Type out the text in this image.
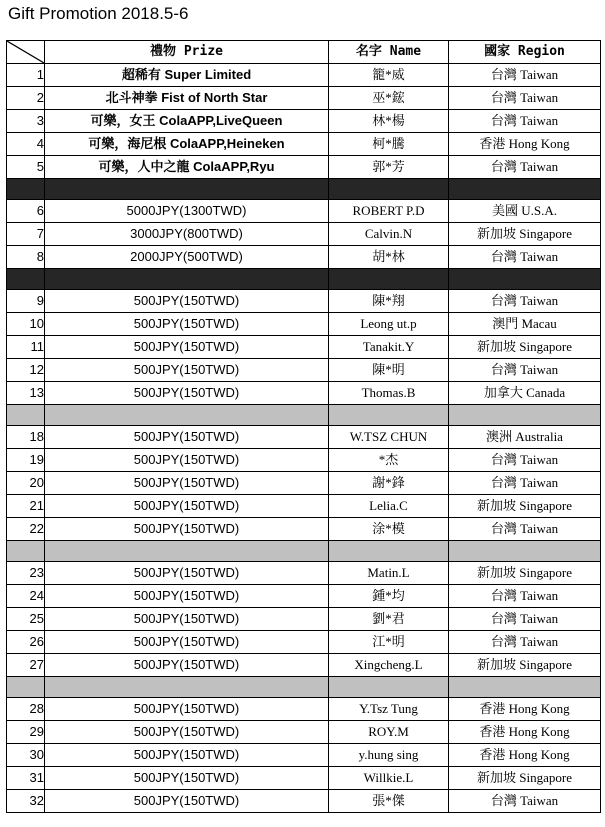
Gift Promotion 2018.5-6
	禮物 Prize	名字 Name	國家 Region
1	超稀有 Super Limited	籠*威	台灣 Taiwan
2	北斗神拳 Fist of North Star	巫*鋐	台灣 Taiwan
3	可樂，女王 ColaAPP,LiveQueen	林*楊	台灣 Taiwan
4	可樂，海尼根 ColaAPP,Heineken	柯*騰	香港 Hong Kong
5	可樂，人中之龍 ColaAPP,Ryu	郭*芳	台灣 Taiwan

6	5000JPY(1300TWD)	ROBERT P.D	美國 U.S.A.
7	3000JPY(800TWD)	Calvin.N	新加坡 Singapore
8	2000JPY(500TWD)	胡*林	台灣 Taiwan

9	500JPY(150TWD)	陳*翔	台灣 Taiwan
10	500JPY(150TWD)	Leong ut.p	澳門 Macau
11	500JPY(150TWD)	Tanakit.Y	新加坡 Singapore
12	500JPY(150TWD)	陳*明	台灣 Taiwan
13	500JPY(150TWD)	Thomas.B	加拿大 Canada

18	500JPY(150TWD)	W.TSZ CHUN	澳洲 Australia
19	500JPY(150TWD)	*杰	台灣 Taiwan
20	500JPY(150TWD)	謝*鋒	台灣 Taiwan
21	500JPY(150TWD)	Lelia.C	新加坡 Singapore
22	500JPY(150TWD)	涂*模	台灣 Taiwan

23	500JPY(150TWD)	Matin.L	新加坡 Singapore
24	500JPY(150TWD)	鍾*均	台灣 Taiwan
25	500JPY(150TWD)	劉*君	台灣 Taiwan
26	500JPY(150TWD)	江*明	台灣 Taiwan
27	500JPY(150TWD)	Xingcheng.L	新加坡 Singapore

28	500JPY(150TWD)	Y.Tsz Tung	香港 Hong Kong
29	500JPY(150TWD)	ROY.M	香港 Hong Kong
30	500JPY(150TWD)	y.hung sing	香港 Hong Kong
31	500JPY(150TWD)	Willkie.L	新加坡 Singapore
32	500JPY(150TWD)	張*傑	台灣 Taiwan
